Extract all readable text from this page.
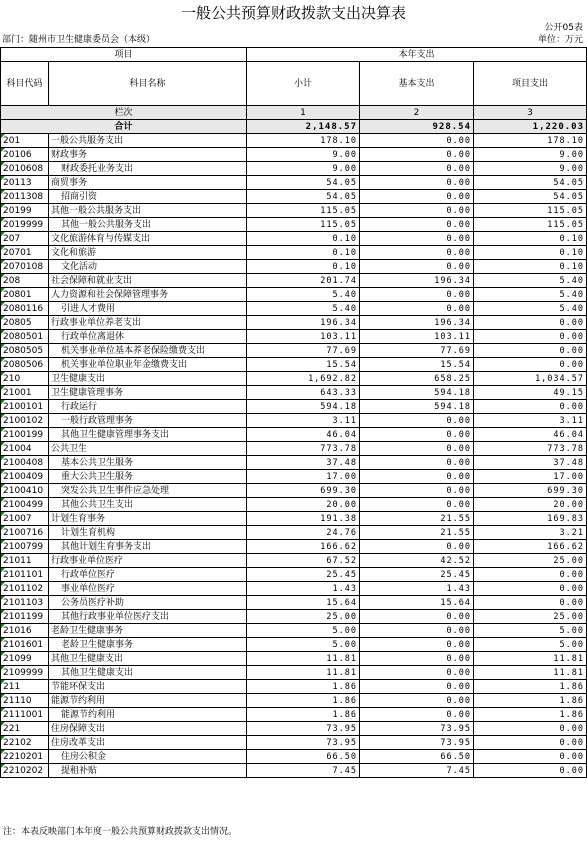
一般公共预算财政拨款支出决算表
公开05表
部门：随州市卫生健康委员会（本级）	单位：万元
项目		本年支出		
科目代码	科目名称	小计	基本支出	项目支出
栏次		1	2	3
合计		2,148.57	928.54	1,220.03
201	一般公共服务支出	178.10	0.00	178.10
20106	财政事务	9.00	0.00	9.00
2010608	财政委托业务支出	9.00	0.00	9.00
20113	商贸事务	54.05	0.00	54.05
2011308	招商引资	54.05	0.00	54.05
20199	其他一般公共服务支出	115.05	0.00	115.05
2019999	其他一般公共服务支出	115.05	0.00	115.05
207	文化旅游体育与传媒支出	0.10	0.00	0.10
20701	文化和旅游	0.10	0.00	0.10
2070108	文化活动	0.10	0.00	0.10
208	社会保障和就业支出	201.74	196.34	5.40
20801	人力资源和社会保障管理事务	5.40	0.00	5.40
2080116	引进人才费用	5.40	0.00	5.40
20805	行政事业单位养老支出	196.34	196.34	0.00
2080501	行政单位离退休	103.11	103.11	0.00
2080505	机关事业单位基本养老保险缴费支出	77.69	77.69	0.00
2080506	机关事业单位职业年金缴费支出	15.54	15.54	0.00
210	卫生健康支出	1,692.82	658.25	1,034.57
21001	卫生健康管理事务	643.33	594.18	49.15
2100101	行政运行	594.18	594.18	0.00
2100102	一般行政管理事务	3.11	0.00	3.11
2100199	其他卫生健康管理事务支出	46.04	0.00	46.04
21004	公共卫生	773.78	0.00	773.78
2100408	基本公共卫生服务	37.48	0.00	37.48
2100409	重大公共卫生服务	17.00	0.00	17.00
2100410	突发公共卫生事件应急处理	699.30	0.00	699.30
2100499	其他公共卫生支出	20.00	0.00	20.00
21007	计划生育事务	191.38	21.55	169.83
2100716	计划生育机构	24.76	21.55	3.21
2100799	其他计划生育事务支出	166.62	0.00	166.62
21011	行政事业单位医疗	67.52	42.52	25.00
2101101	行政单位医疗	25.45	25.45	0.00
2101102	事业单位医疗	1.43	1.43	0.00
2101103	公务员医疗补助	15.64	15.64	0.00
2101199	其他行政事业单位医疗支出	25.00	0.00	25.00
21016	老龄卫生健康事务	5.00	0.00	5.00
2101601	老龄卫生健康事务	5.00	0.00	5.00
21099	其他卫生健康支出	11.81	0.00	11.81
2109999	其他卫生健康支出	11.81	0.00	11.81
211	节能环保支出	1.86	0.00	1.86
21110	能源节约利用	1.86	0.00	1.86
2111001	能源节约利用	1.86	0.00	1.86
221	住房保障支出	73.95	73.95	0.00
22102	住房改革支出	73.95	73.95	0.00
2210201	住房公积金	66.50	66.50	0.00
2210202	提租补贴	7.45	7.45	0.00
注：本表反映部门本年度一般公共预算财政拨款支出情况。
